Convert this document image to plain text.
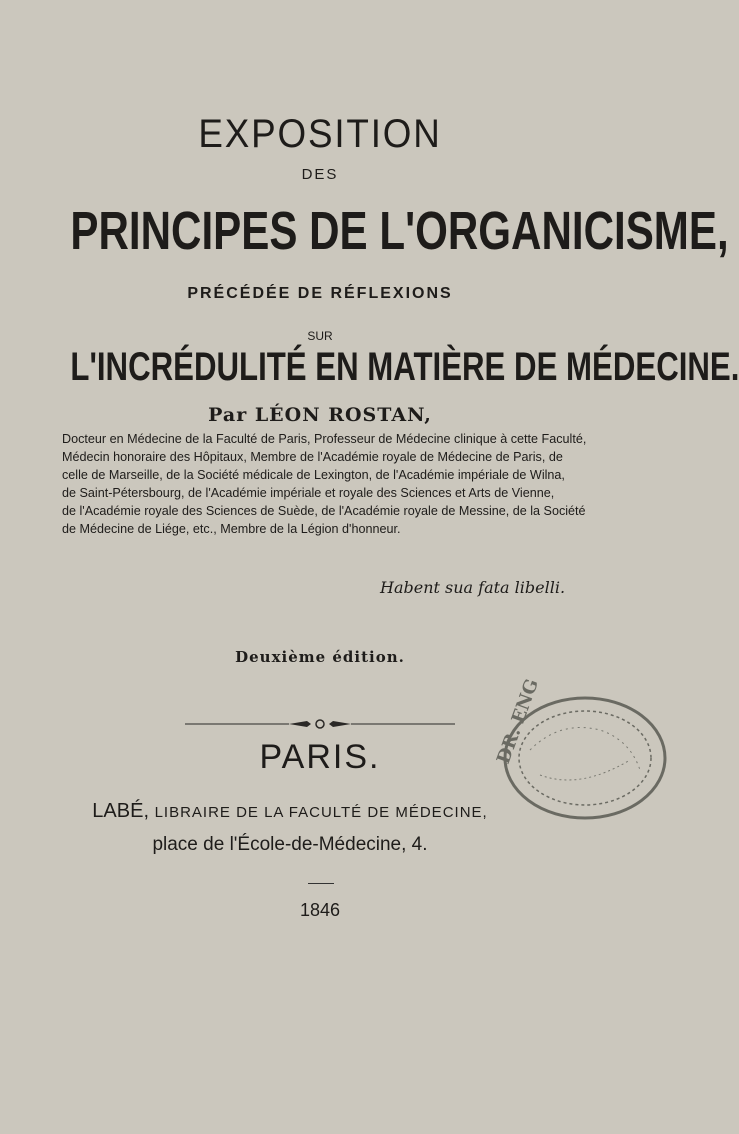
EXPOSITION
DES
PRINCIPES DE L'ORGANICISME,
PRÉCÉDÉE DE RÉFLEXIONS
SUR
L'INCRÉDULITÉ EN MATIÈRE DE MÉDECINE.
Par LÉON ROSTAN,
Docteur en Médecine de la Faculté de Paris, Professeur de Médecine clinique à cette Faculté,
Médecin honoraire des Hôpitaux, Membre de l'Académie royale de Médecine de Paris, de
celle de Marseille, de la Société médicale de Lexington, de l'Académie impériale de Wilna,
de Saint-Pétersbourg, de l'Académie impériale et royale des Sciences et Arts de Vienne,
de l'Académie royale des Sciences de Suède, de l'Académie royale de Messine, de la Société
de Médecine de Liége, etc., Membre de la Légion d'honneur.
Habent sua fata libelli.
Deuxième édition.
PARIS.
LABÉ, LIBRAIRE DE LA FACULTÉ DE MÉDECINE,
place de l'École-de-Médecine, 4.
1846
DR. ENG
